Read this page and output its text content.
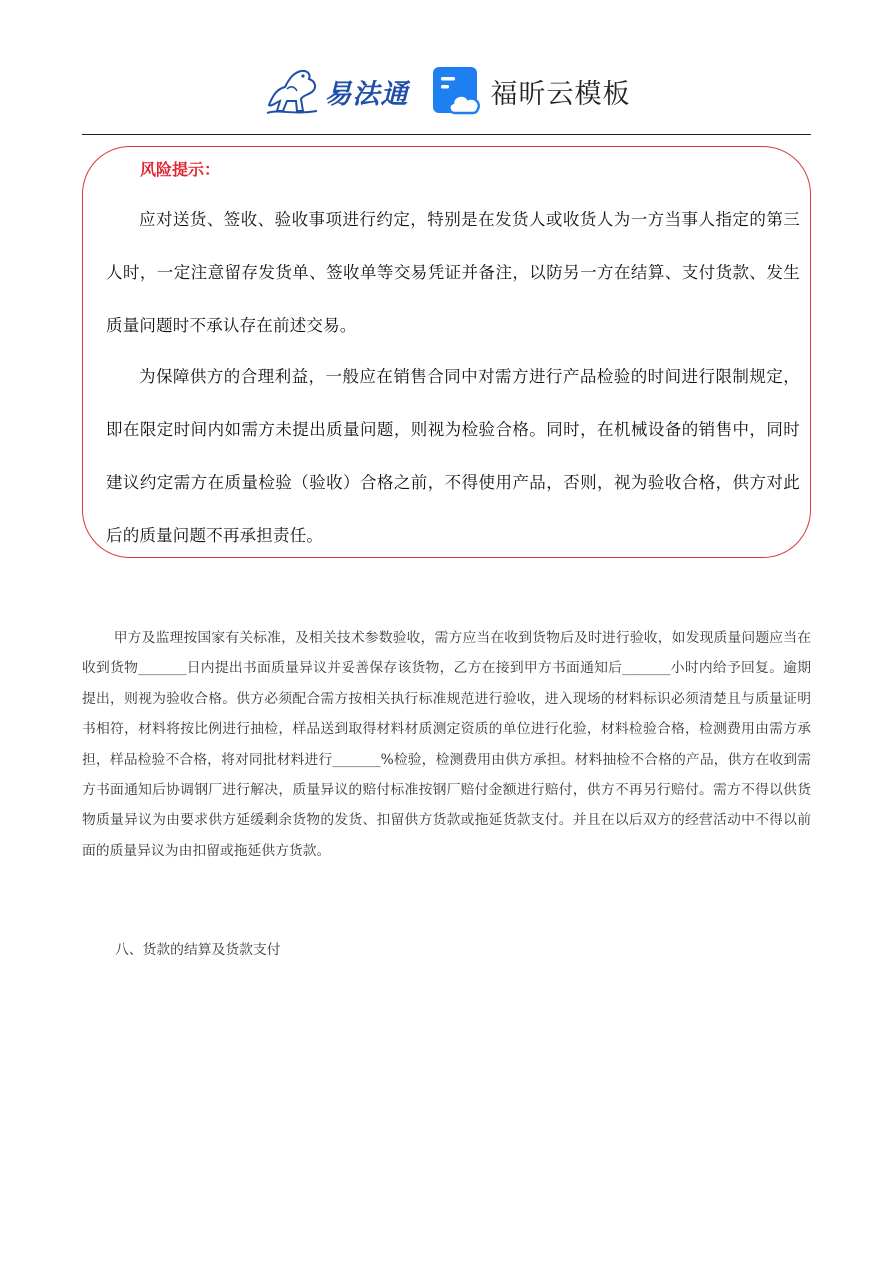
易法通	福昕云模板
风险提示：

应对送货、签收、验收事项进行约定，特别是在发货人或收货人为一方当事人指定的第三人时，一定注意留存发货单、签收单等交易凭证并备注，以防另一方在结算、支付货款、发生质量问题时不承认存在前述交易。

为保障供方的合理利益，一般应在销售合同中对需方进行产品检验的时间进行限制规定，即在限定时间内如需方未提出质量问题，则视为检验合格。同时，在机械设备的销售中，同时建议约定需方在质量检验（验收）合格之前，不得使用产品，否则，视为验收合格，供方对此后的质量问题不再承担责任。

甲方及监理按国家有关标准，及相关技术参数验收，需方应当在收到货物后及时进行验收，如发现质量问题应当在收到货物_______日内提出书面质量异议并妥善保存该货物，乙方在接到甲方书面通知后_______小时内给予回复。逾期提出，则视为验收合格。供方必须配合需方按相关执行标准规范进行验收，进入现场的材料标识必须清楚且与质量证明书相符，材料将按比例进行抽检，样品送到取得材料材质测定资质的单位进行化验，材料检验合格，检测费用由需方承担，样品检验不合格，将对同批材料进行_______%检验，检测费用由供方承担。材料抽检不合格的产品，供方在收到需方书面通知后协调钢厂进行解决，质量异议的赔付标准按钢厂赔付金额进行赔付，供方不再另行赔付。需方不得以供货物质量异议为由要求供方延缓剩余货物的发货、扣留供方货款或拖延货款支付。并且在以后双方的经营活动中不得以前面的质量异议为由扣留或拖延供方货款。

八、货款的结算及货款支付
